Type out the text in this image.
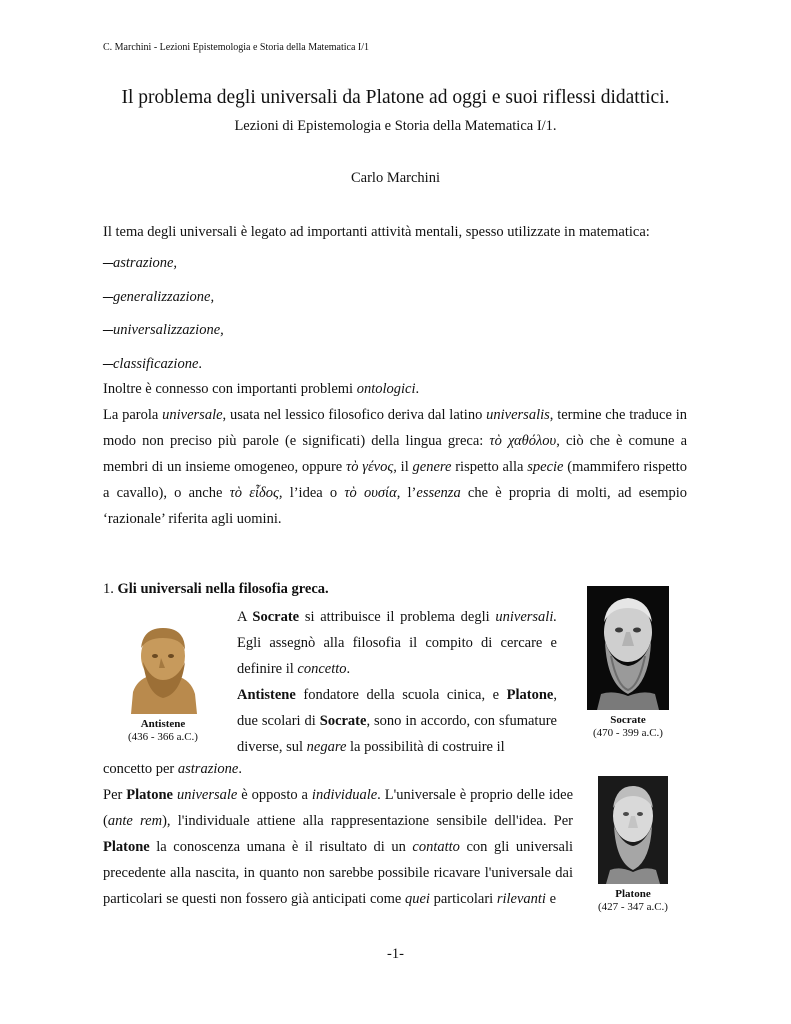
C. Marchini - Lezioni Epistemologia e Storia della Matematica I/1
Il problema degli universali da Platone ad oggi e suoi riflessi didattici.
Lezioni di Epistemologia e Storia della Matematica I/1.
Carlo Marchini
Il tema degli universali è legato ad importanti attività mentali, spesso utilizzate in matematica:
–astrazione,
–generalizzazione,
–universalizzazione,
–classificazione.
Inoltre è connesso con importanti problemi ontologici.
La parola universale, usata nel lessico filosofico deriva dal latino universalis, termine che traduce in modo non preciso più parole (e significati) della lingua greca: τὸ χαθόλου, ciò che è comune a membri di un insieme omogeneo, oppure τὸ γένος, il genere rispetto alla specie (mammifero rispetto a cavallo), o anche τὸ εἶδος, l’idea o τὸ ουσία, l’essenza che è propria di molti, ad esempio ‘razionale’ riferita agli uomini.
1. Gli universali nella filosofia greca.
Antistene
(436 - 366 a.C.)
A Socrate si attribuisce il problema degli universali. Egli assegnò alla filosofia il compito di cercare e definire il concetto.
Antistene fondatore della scuola cinica, e Platone, due scolari di Socrate, sono in accordo, con sfumature diverse, sul negare la possibilità di costruire il
Socrate
(470 - 399 a.C.)
concetto per astrazione.
Per Platone universale è opposto a individuale. L'universale è proprio delle idee (ante rem), l'individuale attiene alla rappresentazione sensibile dell'idea. Per Platone la conoscenza umana è il risultato di un contatto con gli universali precedente alla nascita, in quanto non sarebbe possibile ricavare l'universale dai particolari se questi non fossero già anticipati come quei particolari rilevanti e	Platone
(427 - 347 a.C.)
-1-
